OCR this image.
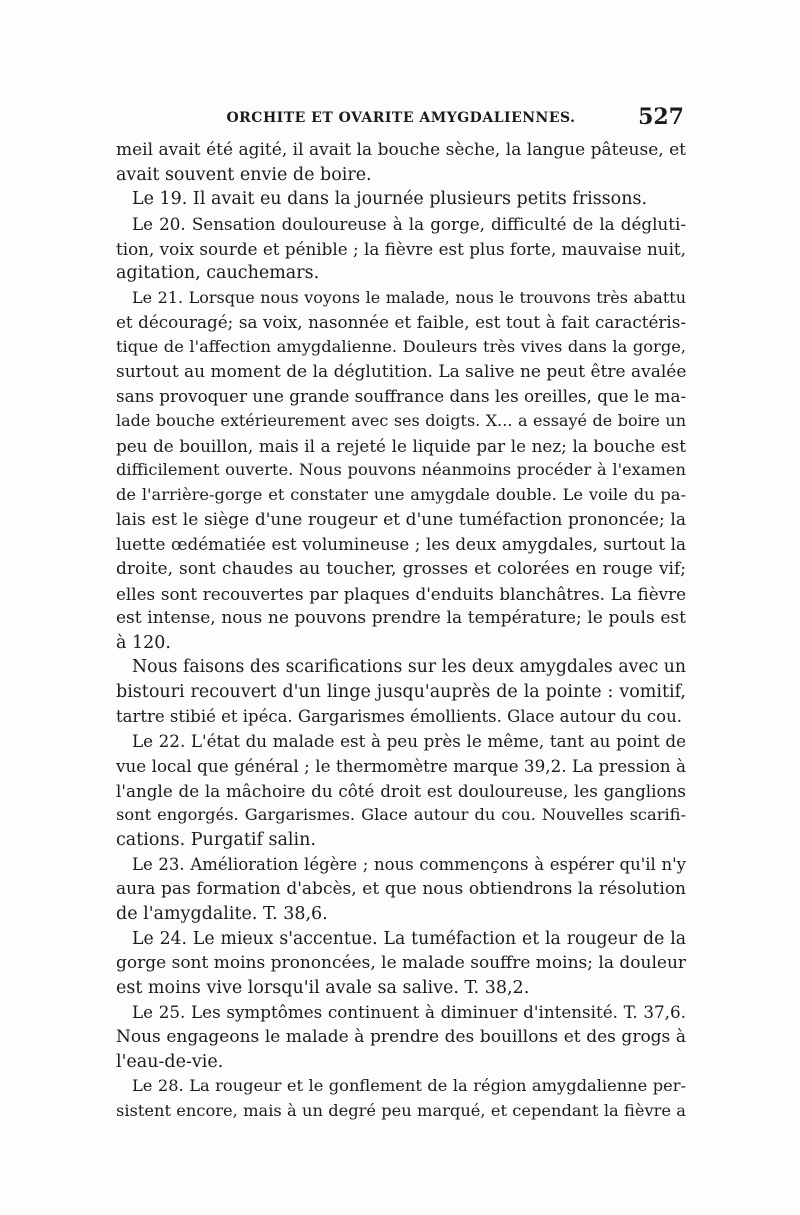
ORCHITE ET OVARITE AMYGDALIENNES.	527
meil avait été agité, il avait la bouche sèche, la langue pâteuse, et
avait souvent envie de boire.
Le 19. Il avait eu dans la journée plusieurs petits frissons.
Le 20. Sensation douloureuse à la gorge, difficulté de la dégluti-
tion, voix sourde et pénible ; la fièvre est plus forte, mauvaise nuit,
agitation, cauchemars.
Le 21. Lorsque nous voyons le malade, nous le trouvons très abattu
et découragé; sa voix, nasonnée et faible, est tout à fait caractéris-
tique de l'affection amygdalienne. Douleurs très vives dans la gorge,
surtout au moment de la déglutition. La salive ne peut être avalée
sans provoquer une grande souffrance dans les oreilles, que le ma-
lade bouche extérieurement avec ses doigts. X... a essayé de boire un
peu de bouillon, mais il a rejeté le liquide par le nez; la bouche est
difficilement ouverte. Nous pouvons néanmoins procéder à l'examen
de l'arrière-gorge et constater une amygdale double. Le voile du pa-
lais est le siège d'une rougeur et d'une tuméfaction prononcée; la
luette œdématiée est volumineuse ; les deux amygdales, surtout la
droite, sont chaudes au toucher, grosses et colorées en rouge vif;
elles sont recouvertes par plaques d'enduits blanchâtres. La fièvre
est intense, nous ne pouvons prendre la température; le pouls est
à 120.
Nous faisons des scarifications sur les deux amygdales avec un
bistouri recouvert d'un linge jusqu'auprès de la pointe : vomitif,
tartre stibié et ipéca. Gargarismes émollients. Glace autour du cou.
Le 22. L'état du malade est à peu près le même, tant au point de
vue local que général ; le thermomètre marque 39,2. La pression à
l'angle de la mâchoire du côté droit est douloureuse, les ganglions
sont engorgés. Gargarismes. Glace autour du cou. Nouvelles scarifi-
cations. Purgatif salin.
Le 23. Amélioration légère ; nous commençons à espérer qu'il n'y
aura pas formation d'abcès, et que nous obtiendrons la résolution
de l'amygdalite. T. 38,6.
Le 24. Le mieux s'accentue. La tuméfaction et la rougeur de la
gorge sont moins prononcées, le malade souffre moins; la douleur
est moins vive lorsqu'il avale sa salive. T. 38,2.
Le 25. Les symptômes continuent à diminuer d'intensité. T. 37,6.
Nous engageons le malade à prendre des bouillons et des grogs à
l'eau-de-vie.
Le 28. La rougeur et le gonflement de la région amygdalienne per-
sistent encore, mais à un degré peu marqué, et cependant la fièvre a
